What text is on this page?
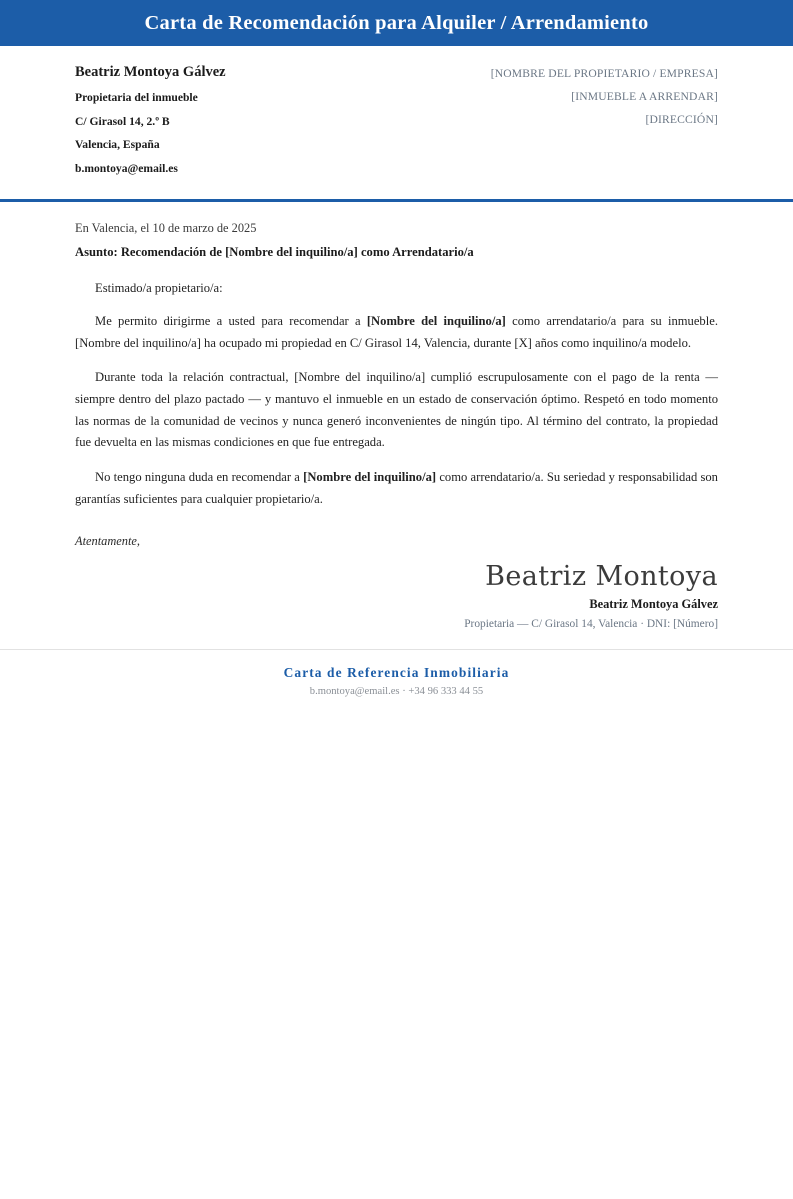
Carta de Recomendación para Alquiler / Arrendamiento

Beatriz Montoya Gálvez

Propietaria del inmueble

C/ Girasol 14, 2.º B

Valencia, España

b.montoya@email.es

[NOMBRE DEL PROPIETARIO / EMPRESA]

[INMUEBLE A ARRENDAR]

[DIRECCIÓN]

En Valencia, el 10 de marzo de 2025

Asunto: Recomendación de [Nombre del inquilino/a] como Arrendatario/a

Estimado/a propietario/a:

Me permito dirigirme a usted para recomendar a [Nombre del inquilino/a] como arrendatario/a para su inmueble. [Nombre del inquilino/a] ha ocupado mi propiedad en C/ Girasol 14, Valencia, durante [X] años como inquilino/a modelo.

Durante toda la relación contractual, [Nombre del inquilino/a] cumplió escrupulosamente con el pago de la renta — siempre dentro del plazo pactado — y mantuvo el inmueble en un estado de conservación óptimo. Respetó en todo momento las normas de la comunidad de vecinos y nunca generó inconvenientes de ningún tipo. Al término del contrato, la propiedad fue devuelta en las mismas condiciones en que fue entregada.

No tengo ninguna duda en recomendar a [Nombre del inquilino/a] como arrendatario/a. Su seriedad y responsabilidad son garantías suficientes para cualquier propietario/a.

Atentamente,

Beatriz Montoya

Beatriz Montoya Gálvez

Propietaria — C/ Girasol 14, Valencia · DNI: [Número]

Carta de Referencia Inmobiliaria

b.montoya@email.es · +34 96 333 44 55
